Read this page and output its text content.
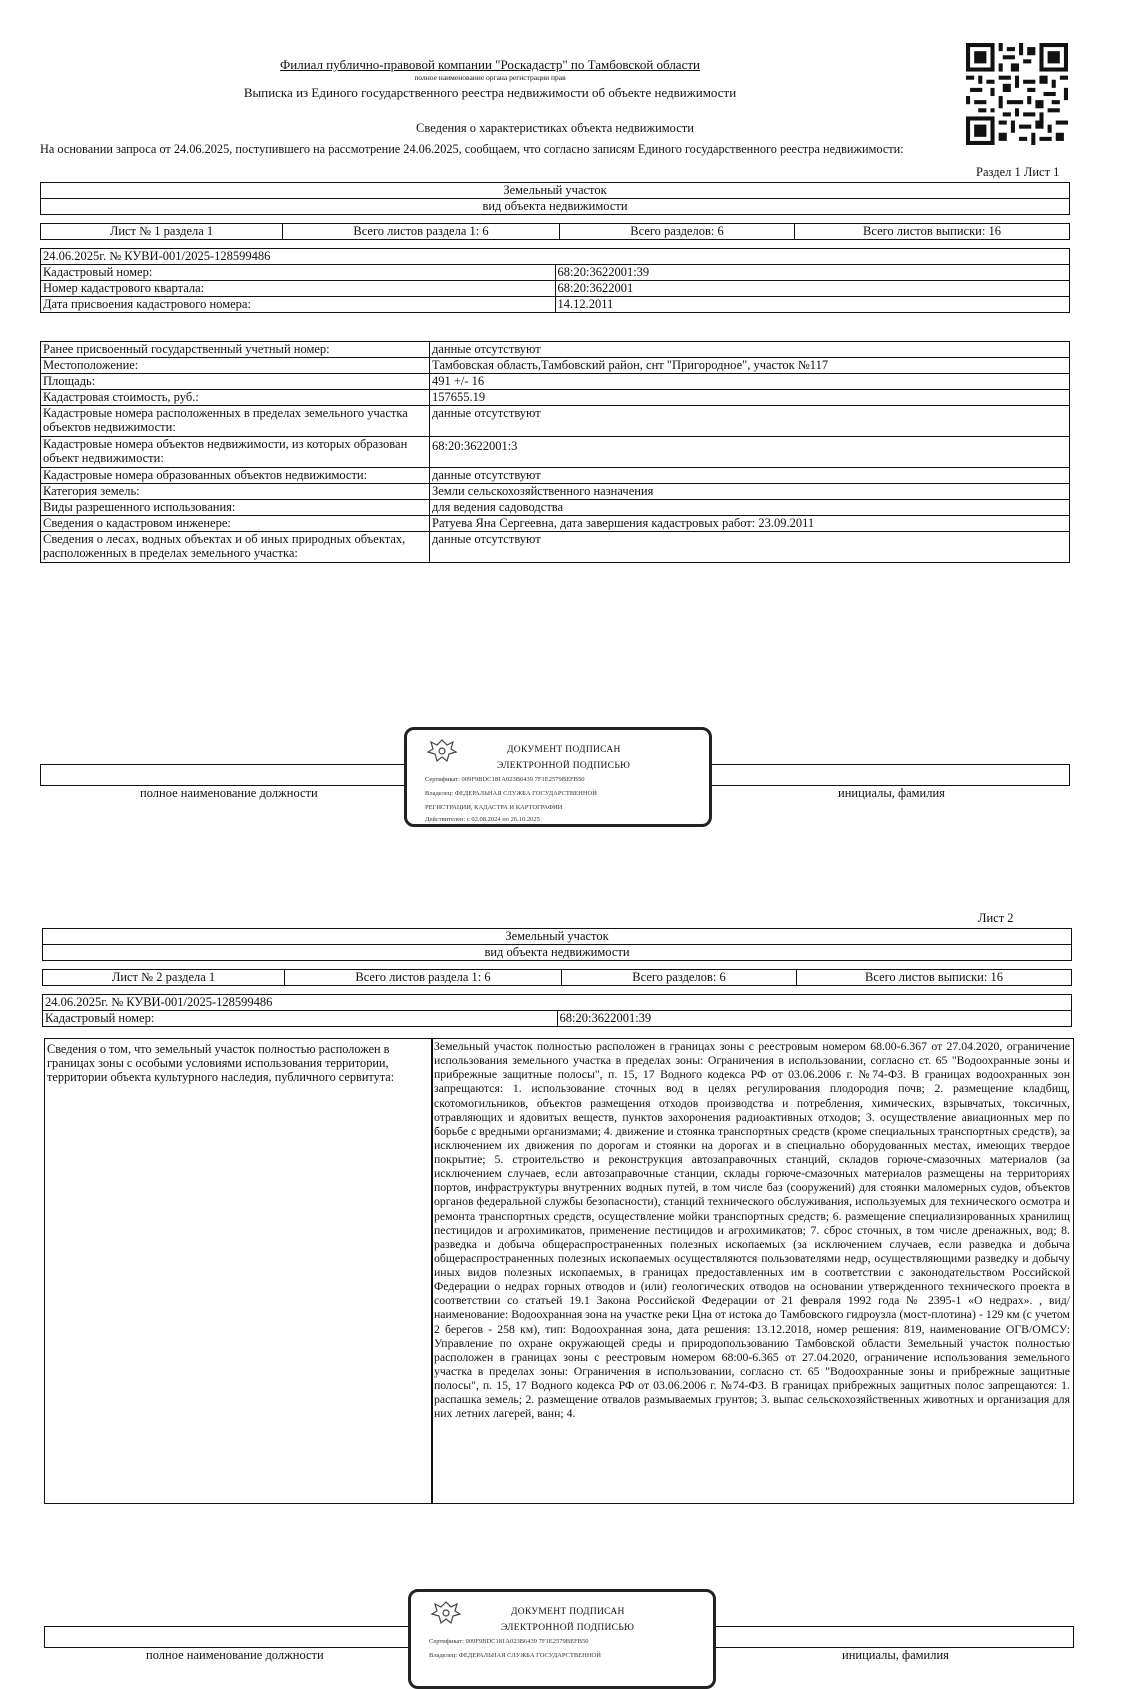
Филиал публично-правовой компании "Роскадастр" по Тамбовской области
полное наименование органа регистрации прав
Выписка из Единого государственного реестра недвижимости об объекте недвижимости
Сведения о характеристиках объекта недвижимости
На основании запроса от 24.06.2025, поступившего на рассмотрение 24.06.2025, сообщаем, что согласно записям Единого государственного реестра недвижимости:
Раздел 1 Лист 1
Земельный участок
вид объекта недвижимости
Лист № 1 раздела 1	Всего листов раздела 1: 6	Всего разделов: 6	Всего листов выписки: 16
24.06.2025г. № КУВИ-001/2025-128599486	
Кадастровый номер:	68:20:3622001:39
Номер кадастрового квартала:	68:20:3622001
Дата присвоения кадастрового номера:	14.12.2011
Ранее присвоенный государственный учетный номер:	данные отсутствуют
Местоположение:	Тамбовская область,Тамбовский район, снт "Пригородное", участок №117
Площадь:	491 +/- 16
Кадастровая стоимость, руб.:	157655.19
Кадастровые номера расположенных в пределах земельного участка объектов недвижимости:	данные отсутствуют
Кадастровые номера объектов недвижимости, из которых образован объект недвижимости:	68:20:3622001:3
Кадастровые номера образованных объектов недвижимости:	данные отсутствуют
Категория земель:	Земли сельскохозяйственного назначения
Виды разрешенного использования:	для ведения садоводства
Сведения о кадастровом инженере:	Ратуева Яна Сергеевна, дата завершения кадастровых работ: 23.09.2011
Сведения о лесах, водных объектах и об иных природных объектах, расположенных в пределах земельного участка:	данные отсутствуют
полное наименование должности	инициалы, фамилия
ДОКУМЕНТ ПОДПИСАН
ЭЛЕКТРОННОЙ ПОДПИСЬЮ
Сертификат: 009F9BDC181A023B6439 7F1E2579BEFB50
Владелец: ФЕДЕРАЛЬНАЯ СЛУЖБА ГОСУДАРСТВЕННОЙ
РЕГИСТРАЦИИ, КАДАСТРА И КАРТОГРАФИИ
Действителен: с 02.08.2024 по 26.10.2025
Лист 2
Земельный участок
вид объекта недвижимости
Лист № 2 раздела 1	Всего листов раздела 1: 6	Всего разделов: 6	Всего листов выписки: 16
24.06.2025г. № КУВИ-001/2025-128599486
Кадастровый номер:	68:20:3622001:39
Сведения о том, что земельный участок полностью расположен в границах зоны с особыми условиями использования территории, территории объекта культурного наследия, публичного сервитута:
Земельный участок полностью расположен в границах зоны с реестровым номером 68.00-6.367 от 27.04.2020, ограничение использования земельного участка в пределах зоны: Ограничения в использовании, согласно ст. 65 "Водоохранные зоны и прибрежные защитные полосы", п. 15, 17 Водного кодекса РФ от 03.06.2006 г. №74-ФЗ. В границах водоохранных зон запрещаются: 1. использование сточных вод в целях регулирования плодородия почв; 2. размещение кладбищ, скотомогильников, объектов размещения отходов производства и потребления, химических, взрывчатых, токсичных, отравляющих и ядовитых веществ, пунктов захоронения радиоактивных отходов; 3. осуществление авиационных мер по борьбе с вредными организмами; 4. движение и стоянка транспортных средств (кроме специальных транспортных средств), за исключением их движения по дорогам и стоянки на дорогах и в специально оборудованных местах, имеющих твердое покрытие; 5. строительство и реконструкция автозаправочных станций, складов горюче-смазочных материалов (за исключением случаев, если автозаправочные станции, склады горюче-смазочных материалов размещены на территориях портов, инфраструктуры внутренних водных путей, в том числе баз (сооружений) для стоянки маломерных судов, объектов органов федеральной службы безопасности), станций технического обслуживания, используемых для технического осмотра и ремонта транспортных средств, осуществление мойки транспортных средств; 6. размещение специализированных хранилищ пестицидов и агрохимикатов, применение пестицидов и агрохимикатов; 7. сброс сточных, в том числе дренажных, вод; 8. разведка и добыча общераспространенных полезных ископаемых (за исключением случаев, если разведка и добыча общераспространенных полезных ископаемых осуществляются пользователями недр, осуществляющими разведку и добычу иных видов полезных ископаемых, в границах предоставленных им в соответствии с законодательством Российской Федерации о недрах горных отводов и (или) геологических отводов на основании утвержденного технического проекта в соответствии со статьей 19.1 Закона Российской Федерации от 21 февраля 1992 года № 2395-1 «О недрах». , вид/наименование: Водоохранная зона на участке реки Цна от истока до Тамбовского гидроузла (мост-плотина) - 129 км (с учетом 2 берегов - 258 км), тип: Водоохранная зона, дата решения: 13.12.2018, номер решения: 819, наименование ОГВ/ОМСУ: Управление по охране окружающей среды и природопользованию Тамбовской области Земельный участок полностью расположен в границах зоны с реестровым номером 68:00-6.365 от 27.04.2020, ограничение использования земельного участка в пределах зоны: Ограничения в использовании, согласно ст. 65 "Водоохранные зоны и прибрежные защитные полосы", п. 15, 17 Водного кодекса РФ от 03.06.2006 г. №74-ФЗ. В границах прибрежных защитных полос запрещаются: 1. распашка земель; 2. размещение отвалов размываемых грунтов; 3. выпас сельскохозяйственных животных и организация для них летних лагерей, ванн; 4.
полное наименование должности	инициалы, фамилия
ДОКУМЕНТ ПОДПИСАН
ЭЛЕКТРОННОЙ ПОДПИСЬЮ
Сертификат: 009F9BDC181A023B6439 7F1E2579BEFB50
Владелец: ФЕДЕРАЛЬНАЯ СЛУЖБА ГОСУДАРСТВЕННОЙ
